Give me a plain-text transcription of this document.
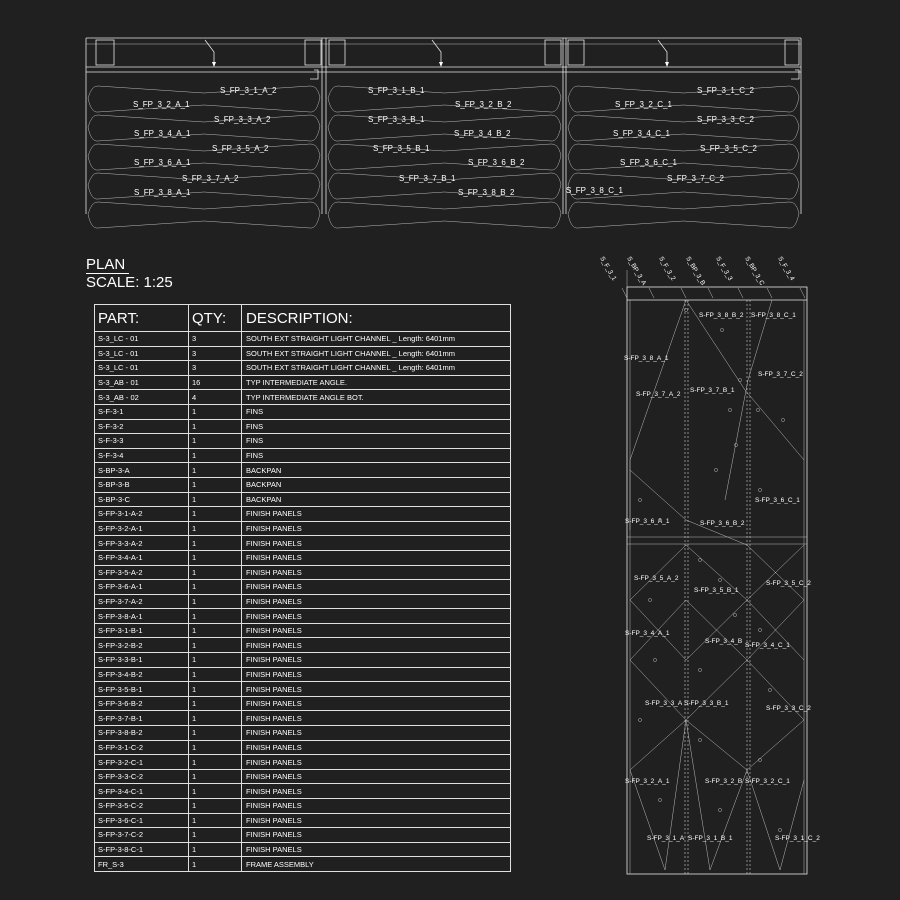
S_FP_3_1_A_2
S_FP_3_2_A_1
S_FP_3_3_A_2
S_FP_3_4_A_1
S_FP_3_5_A_2
S_FP_3_6_A_1
S_FP_3_7_A_2
S_FP_3_8_A_1
S_FP_3_1_B_1
S_FP_3_2_B_2
S_FP_3_3_B_1
S_FP_3_4_B_2
S_FP_3_5_B_1
S_FP_3_6_B_2
S_FP_3_7_B_1
S_FP_3_8_B_2
S_FP_3_1_C_2
S_FP_3_2_C_1
S_FP_3_3_C_2
S_FP_3_4_C_1
S_FP_3_5_C_2
S_FP_3_6_C_1
S_FP_3_7_C_2
S_FP_3_8_C_1
PLAN
SCALE: 1:25
PART:	QTY:	DESCRIPTION:
S-3_LC - 01	3	SOUTH EXT STRAIGHT LIGHT CHANNEL _ Length: 6401mm
S-3_LC - 01	3	SOUTH EXT STRAIGHT LIGHT CHANNEL _ Length: 6401mm
S-3_LC - 01	3	SOUTH EXT STRAIGHT LIGHT CHANNEL _ Length: 6401mm
S-3_AB - 01	16	TYP INTERMEDIATE ANGLE.
S-3_AB - 02	4	TYP INTERMEDIATE ANGLE BOT.
S-F-3-1	1	FINS
S-F-3-2	1	FINS
S-F-3-3	1	FINS
S-F-3-4	1	FINS
S-BP-3-A	1	BACKPAN
S-BP-3-B	1	BACKPAN
S-BP-3-C	1	BACKPAN
S-FP-3-1-A-2	1	FINISH PANELS
S-FP-3-2-A-1	1	FINISH PANELS
S-FP-3-3-A-2	1	FINISH PANELS
S-FP-3-4-A-1	1	FINISH PANELS
S-FP-3-5-A-2	1	FINISH PANELS
S-FP-3-6-A-1	1	FINISH PANELS
S-FP-3-7-A-2	1	FINISH PANELS
S-FP-3-8-A-1	1	FINISH PANELS
S-FP-3-1-B-1	1	FINISH PANELS
S-FP-3-2-B-2	1	FINISH PANELS
S-FP-3-3-B-1	1	FINISH PANELS
S-FP-3-4-B-2	1	FINISH PANELS
S-FP-3-5-B-1	1	FINISH PANELS
S-FP-3-6-B-2	1	FINISH PANELS
S-FP-3-7-B-1	1	FINISH PANELS
S-FP-3-8-B-2	1	FINISH PANELS
S-FP-3-1-C-2	1	FINISH PANELS
S-FP-3-2-C-1	1	FINISH PANELS
S-FP-3-3-C-2	1	FINISH PANELS
S-FP-3-4-C-1	1	FINISH PANELS
S-FP-3-5-C-2	1	FINISH PANELS
S-FP-3-6-C-1	1	FINISH PANELS
S-FP-3-7-C-2	1	FINISH PANELS
S-FP-3-8-C-1	1	FINISH PANELS
FR_S-3	1	FRAME ASSEMBLY
S_F_3_1 S_BP_3_A S_F_3_2 S_BP_3_B S_F_3_3 S_BP_3_C S_F_3_4
S-FP_3_1_A
S-FP_3_2_A_1
S-FP_3_3_A
S-FP_3_4_A_1
S-FP_3_5_A_2
S-FP_3_6_A_1
S-FP_3_7_A_2
S-FP_3_8_A_1
S-FP_3_1_B_1
S-FP_3_2_B
S-FP_3_3_B_1
S-FP_3_4_B
S-FP_3_5_B_1
S-FP_3_6_B_2
S-FP_3_7_B_1
S-FP_3_8_B_2
S-FP_3_1_C_2
S-FP_3_2_C_1
S-FP_3_3_C_2
S-FP_3_4_C_1
S-FP_3_5_C_2
S-FP_3_6_C_1
S-FP_3_7_C_2
S-FP_3_8_C_1
